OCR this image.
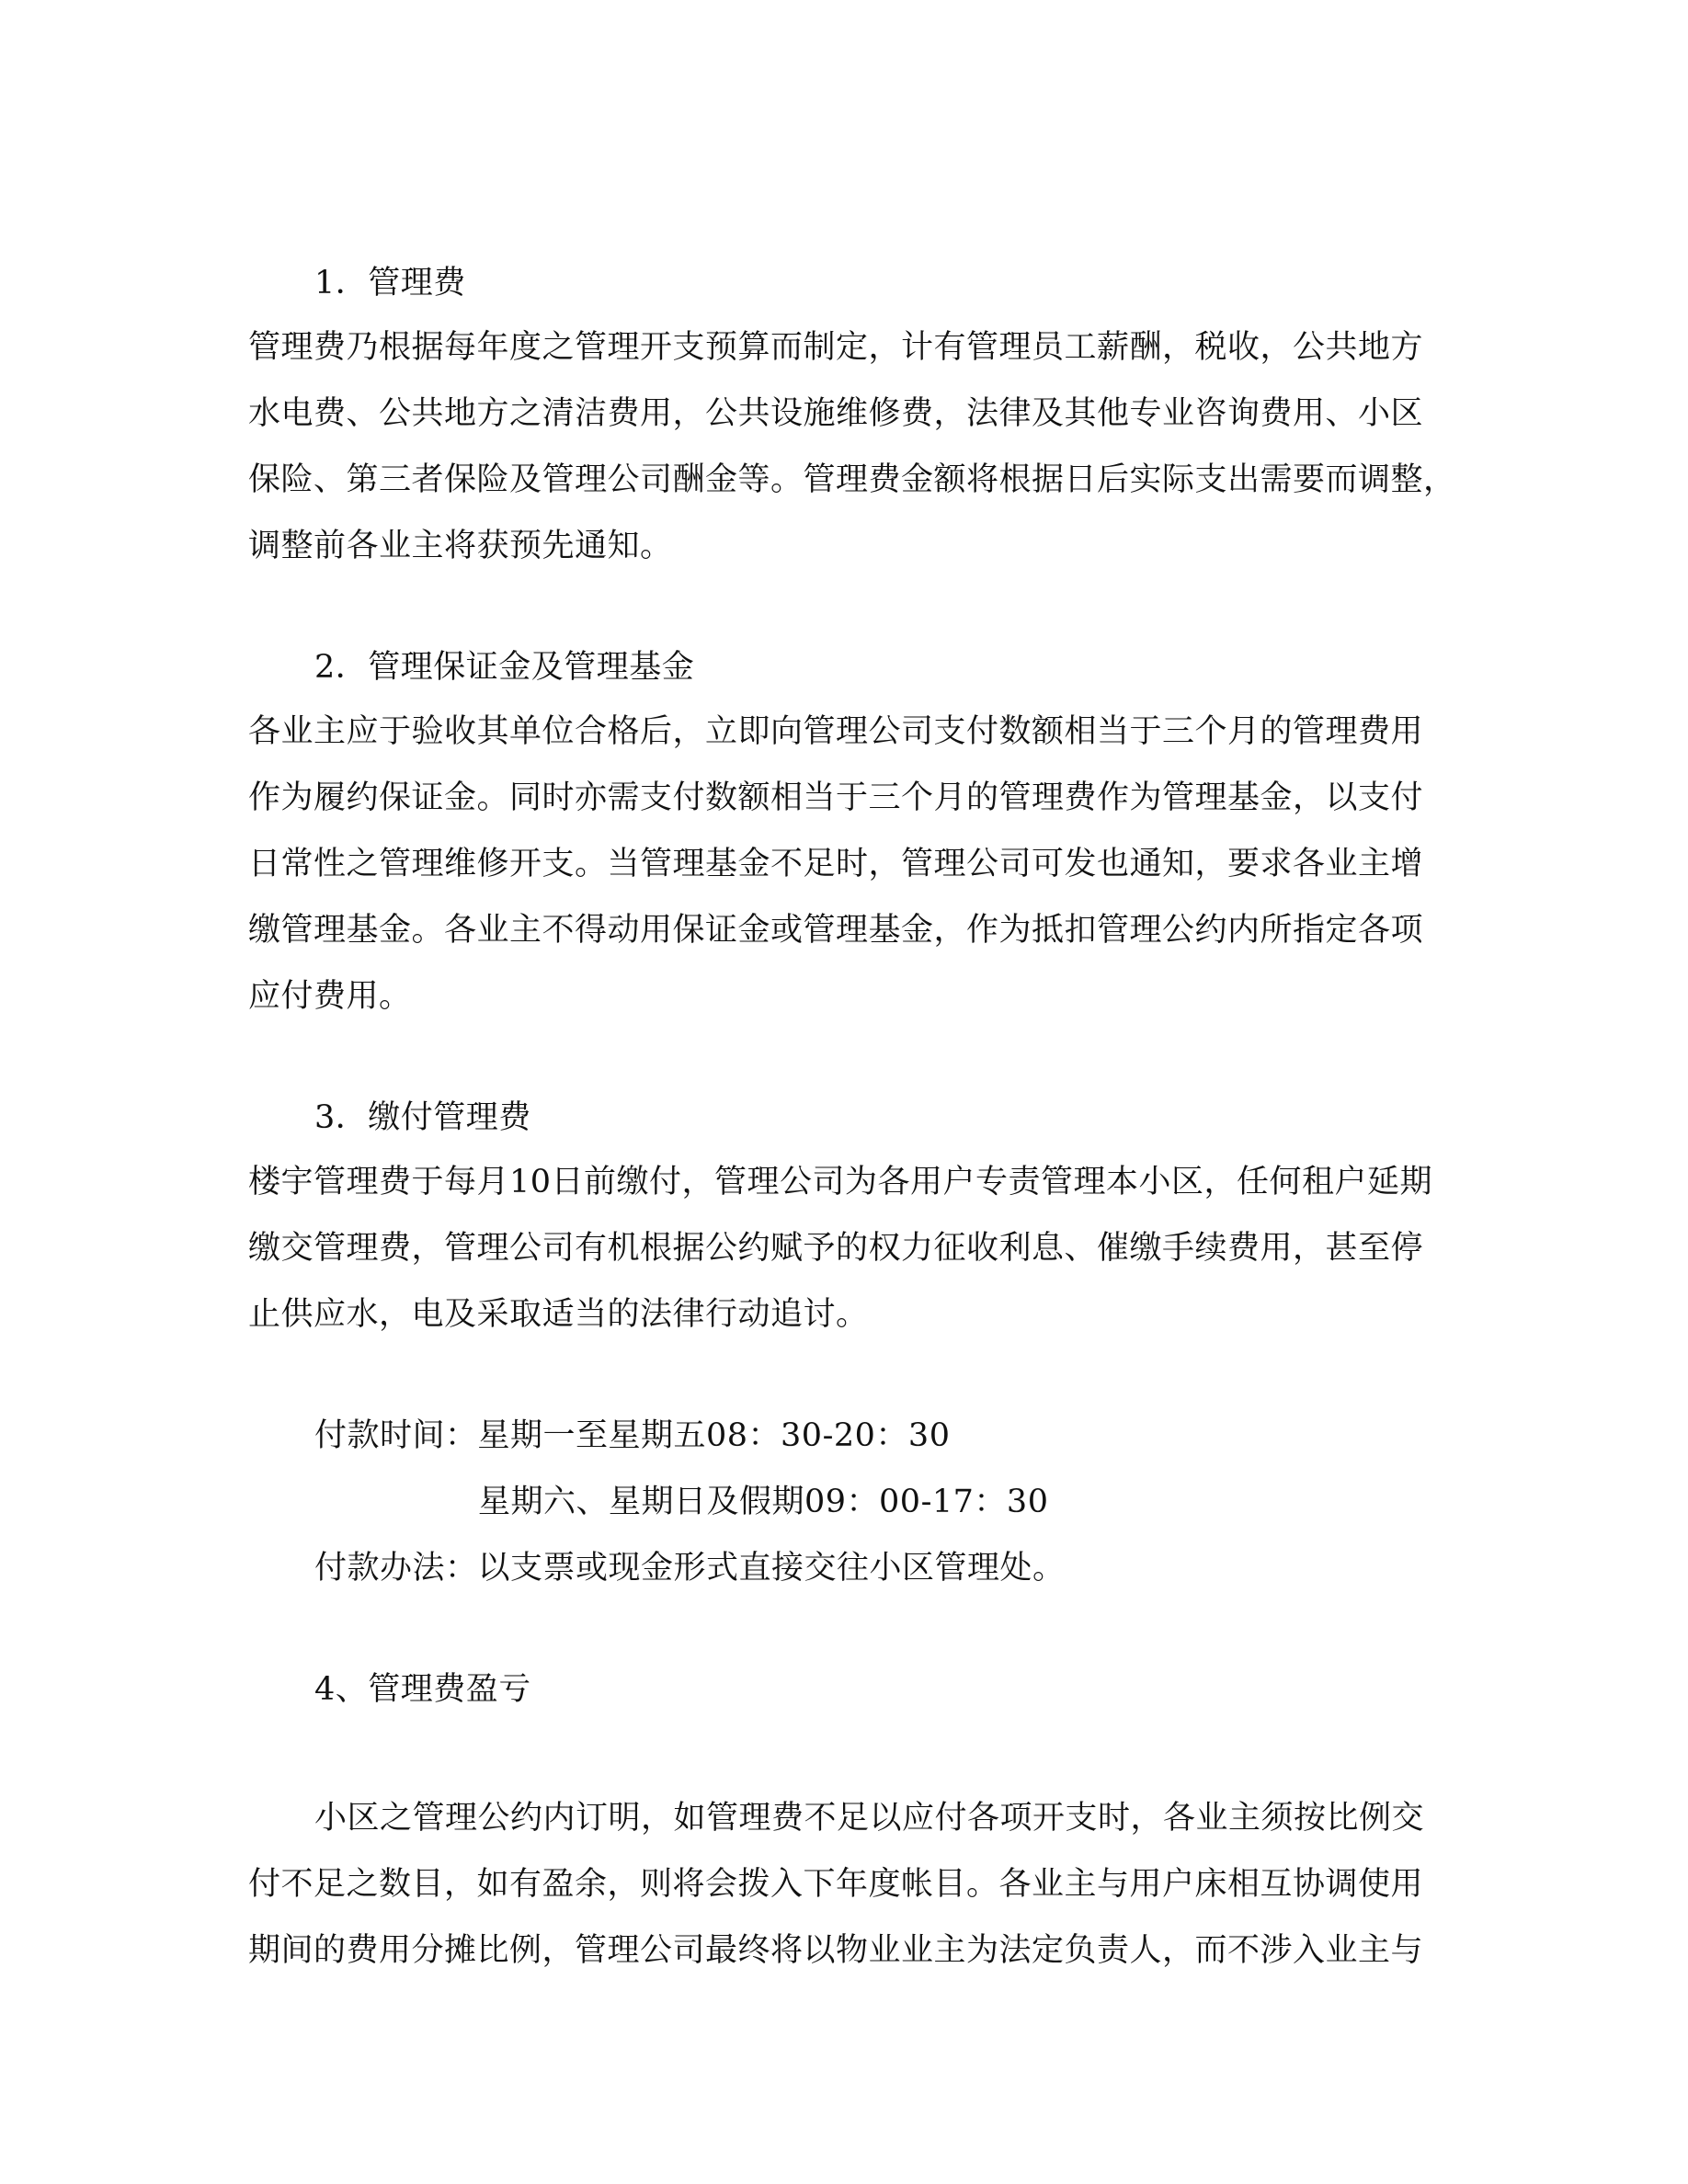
1．管理费
管理费乃根据每年度之管理开支预算而制定，计有管理员工薪酬，税收，公共地方
水电费、公共地方之清洁费用，公共设施维修费，法律及其他专业咨询费用、小区
保险、第三者保险及管理公司酬金等。管理费金额将根据日后实际支出需要而调整，
调整前各业主将获预先通知。
2．管理保证金及管理基金
各业主应于验收其单位合格后，立即向管理公司支付数额相当于三个月的管理费用
作为履约保证金。同时亦需支付数额相当于三个月的管理费作为管理基金，以支付
日常性之管理维修开支。当管理基金不足时，管理公司可发也通知，要求各业主增
缴管理基金。各业主不得动用保证金或管理基金，作为抵扣管理公约内所指定各项
应付费用。
3．缴付管理费
楼宇管理费于每月10日前缴付，管理公司为各用户专责管理本小区，任何租户延期
缴交管理费，管理公司有机根据公约赋予的权力征收利息、催缴手续费用，甚至停
止供应水，电及采取适当的法律行动追讨。
付款时间：星期一至星期五08：30-20：30
星期六、星期日及假期09：00-17：30
付款办法：以支票或现金形式直接交往小区管理处。
4、管理费盈亏
小区之管理公约内订明，如管理费不足以应付各项开支时，各业主须按比例交
付不足之数目，如有盈余，则将会拨入下年度帐目。各业主与用户床相互协调使用
期间的费用分摊比例，管理公司最终将以物业业主为法定负责人，而不涉入业主与
